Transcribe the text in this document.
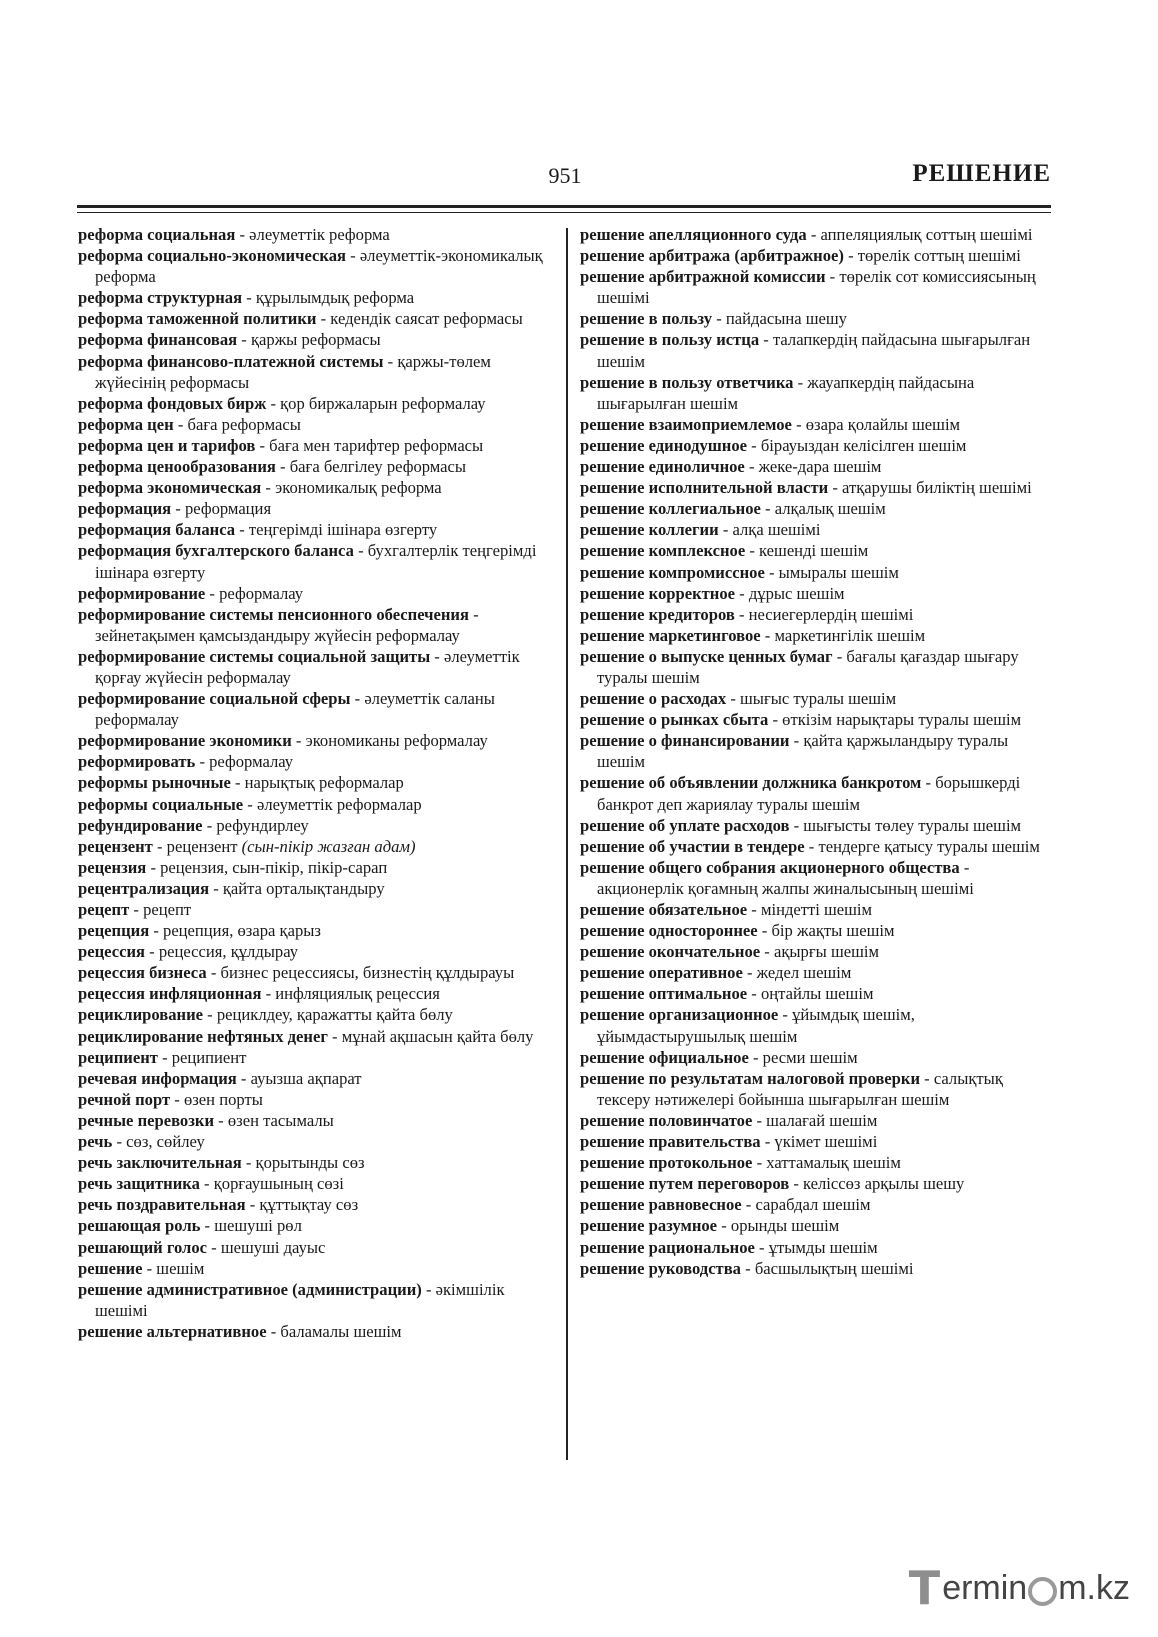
951	РЕШЕНИЕ

реформа социальная - әлеуметтік реформа

реформа социально-экономическая - әлеуметтік-экономикалық реформа

реформа структурная - құрылымдық реформа

реформа таможенной политики - кедендік саясат реформасы

реформа финансовая - қаржы реформасы

реформа финансово-платежной системы - қаржы-төлем жүйесінің реформасы

реформа фондовых бирж - қор биржаларын реформалау

реформа цен - баға реформасы

реформа цен и тарифов - баға мен тарифтер реформасы

реформа ценообразования - баға белгілеу реформасы

реформа экономическая - экономикалық реформа

реформация - реформация

реформация баланса - теңгерімді ішінара өзгерту

реформация бухгалтерского баланса - бухгалтерлік теңгерімді ішінара өзгерту

реформирование - реформалау

реформирование системы пенсионного обеспечения - зейнетақымен қамсыздандыру жүйесін реформалау

реформирование системы социальной защиты - әлеуметтік қорғау жүйесін реформалау

реформирование социальной сферы - әлеуметтік саланы реформалау

реформирование экономики - экономиканы реформалау

реформировать - реформалау

реформы рыночные - нарықтық реформалар

реформы социальные - әлеуметтік реформалар

рефундирование - рефундирлеу

рецензент - рецензент (сын-пікір жазған адам)

рецензия - рецензия, сын-пікір, пікір-сарап

рецентрализация - қайта орталықтандыру

рецепт - рецепт

рецепция - рецепция, өзара қарыз

рецессия - рецессия, құлдырау

рецессия бизнеса - бизнес рецессиясы, бизнестің құлдырауы

рецессия инфляционная - инфляциялық рецессия

рециклирование - рециклдеу, қаражатты қайта бөлу

рециклирование нефтяных денег - мұнай ақшасын қайта бөлу

реципиент - реципиент

речевая информация - ауызша ақпарат

речной порт - өзен порты

речные перевозки - өзен тасымалы

речь - сөз, сөйлеу

речь заключительная - қорытынды сөз

речь защитника - қорғаушының сөзі

речь поздравительная - құттықтау сөз

решающая роль - шешуші рөл

решающий голос - шешуші дауыс

решение - шешім

решение административное (администрации) - әкімшілік шешімі

решение альтернативное - баламалы шешім

решение апелляционного суда - аппеляциялық соттың шешімі

решение арбитража (арбитражное) - төрелік соттың шешімі

решение арбитражной комиссии - төрелік сот комиссиясының шешімі

решение в пользу - пайдасына шешу

решение в пользу истца - талапкердің пайдасына шығарылған шешім

решение в пользу ответчика - жауапкердің пайдасына шығарылған шешім

решение взаимоприемлемое - өзара қолайлы шешім

решение единодушное - бірауыздан келісілген шешім

решение единоличное - жеке-дара шешім

решение исполнительной власти - атқарушы биліктің шешімі

решение коллегиальное - алқалық шешім

решение коллегии - алқа шешімі

решение комплексное - кешенді шешім

решение компромиссное - ымыралы шешім

решение корректное - дұрыс шешім

решение кредиторов - несиегерлердің шешімі

решение маркетинговое - маркетингілік шешім

решение о выпуске ценных бумаг - бағалы қағаздар шығару туралы шешім

решение о расходах - шығыс туралы шешім

решение о рынках сбыта - өткізім нарықтары туралы шешім

решение о финансировании - қайта қаржыландыру туралы шешім

решение об объявлении должника банкротом - борышкерді банкрот деп жариялау туралы шешім

решение об уплате расходов - шығысты төлеу туралы шешім

решение об участии в тендере - тендерге қатысу туралы шешім

решение общего собрания акционерного общества - акционерлік қоғамның жалпы жиналысының шешімі

решение обязательное - міндетті шешім

решение одностороннее - бір жақты шешім

решение окончательное - ақырғы шешім

решение оперативное - жедел шешім

решение оптимальное - оңтайлы шешім

решение организационное - ұйымдық шешім, ұйымдастырушылық шешім

решение официальное - ресми шешім

решение по результатам налоговой проверки - салықтық тексеру нәтижелері бойынша шығарылған шешім

решение половинчатое - шалағай шешім

решение правительства - үкімет шешімі

решение протокольное - хаттамалық шешім

решение путем переговоров - келіссөз арқылы шешу

решение равновесное - сарабдал шешім

решение разумное - орынды шешім

решение рациональное - ұтымды шешім

решение руководства - басшылықтың шешімі

T ermin m.kz
